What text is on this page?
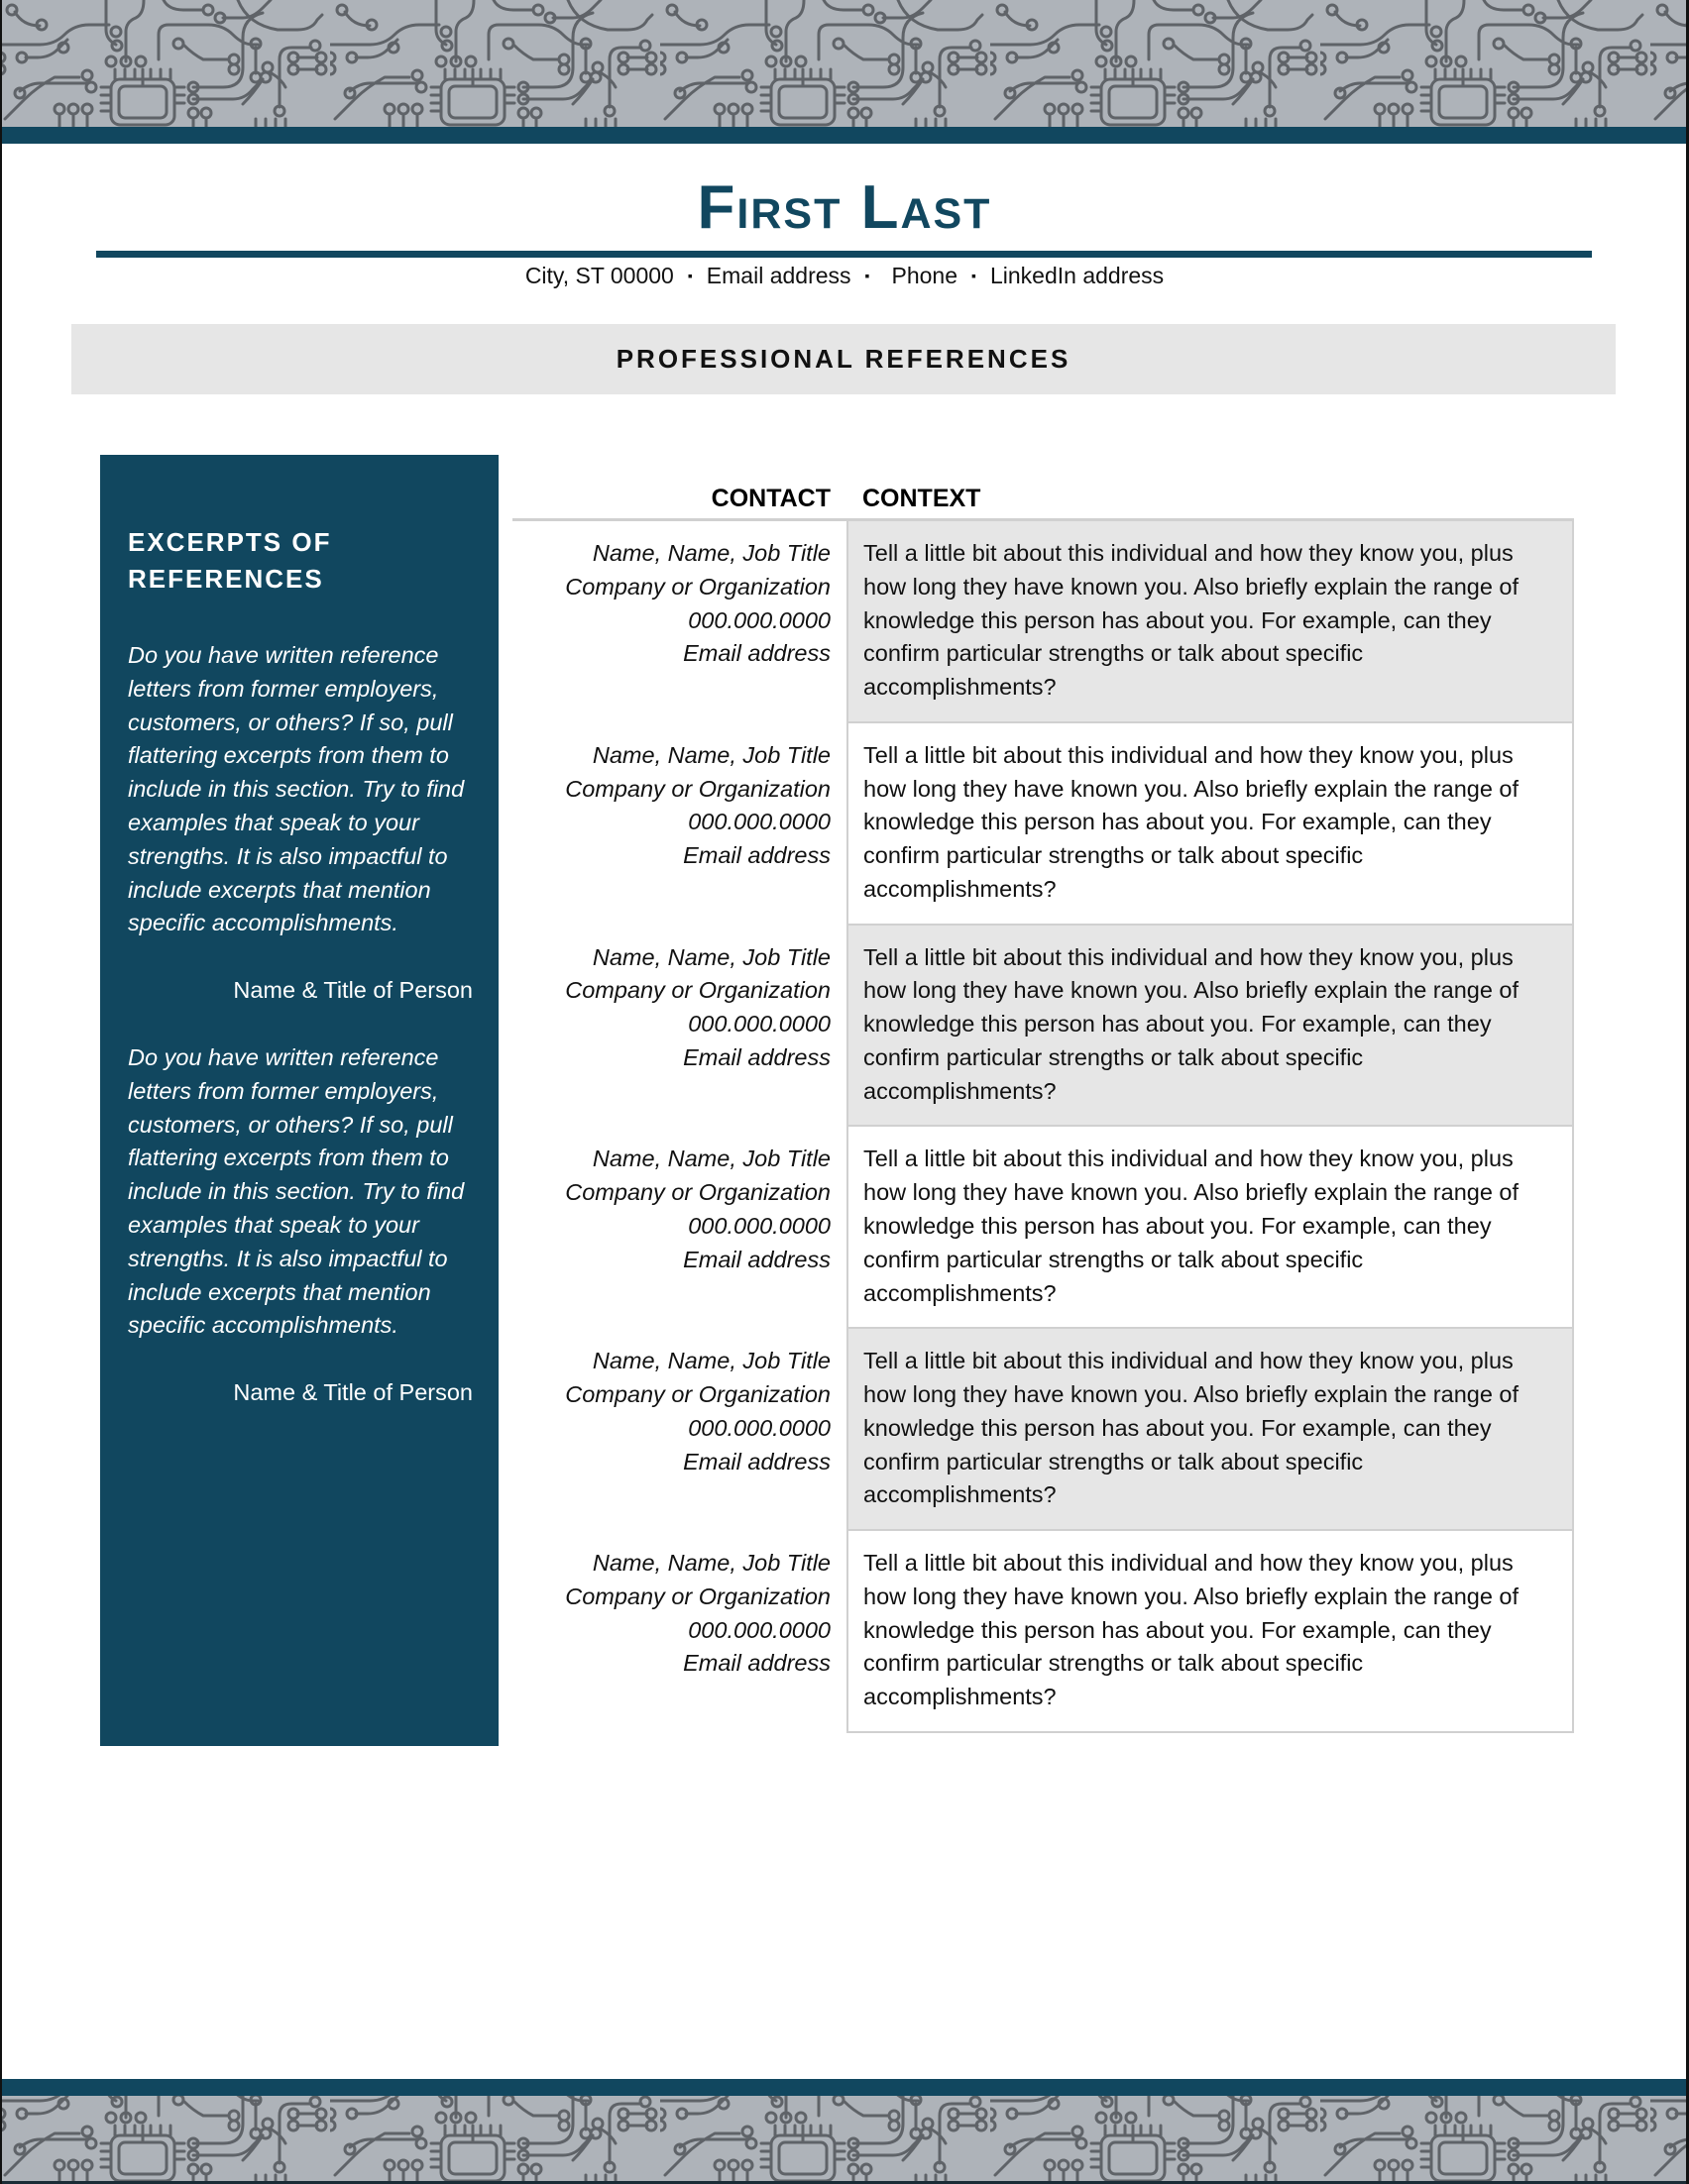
First Last
City, ST 00000 ▪ Email address ▪ Phone ▪ LinkedIn address
PROFESSIONAL REFERENCES
EXCERPTS OF
REFERENCES

Do you have written reference letters from former employers, customers, or others? If so, pull flattering excerpts from them to include in this section. Try to find examples that speak to your strengths. It is also impactful to include excerpts that mention specific accomplishments.

Name & Title of Person

Do you have written reference letters from former employers, customers, or others? If so, pull flattering excerpts from them to include in this section. Try to find examples that speak to your strengths. It is also impactful to include excerpts that mention specific accomplishments.

Name & Title of Person

CONTACT	CONTEXT
Name, Name, Job Title
Company or Organization
000.000.0000
Email address
Tell a little bit about this individual and how they know you, plus how long they have known you. Also briefly explain the range of knowledge this person has about you. For example, can they confirm particular strengths or talk about specific accomplishments?
Name, Name, Job Title
Company or Organization
000.000.0000
Email address
Tell a little bit about this individual and how they know you, plus how long they have known you. Also briefly explain the range of knowledge this person has about you. For example, can they confirm particular strengths or talk about specific accomplishments?
Name, Name, Job Title
Company or Organization
000.000.0000
Email address
Tell a little bit about this individual and how they know you, plus how long they have known you. Also briefly explain the range of knowledge this person has about you. For example, can they confirm particular strengths or talk about specific accomplishments?
Name, Name, Job Title
Company or Organization
000.000.0000
Email address
Tell a little bit about this individual and how they know you, plus how long they have known you. Also briefly explain the range of knowledge this person has about you. For example, can they confirm particular strengths or talk about specific accomplishments?
Name, Name, Job Title
Company or Organization
000.000.0000
Email address
Tell a little bit about this individual and how they know you, plus how long they have known you. Also briefly explain the range of knowledge this person has about you. For example, can they confirm particular strengths or talk about specific accomplishments?
Name, Name, Job Title
Company or Organization
000.000.0000
Email address
Tell a little bit about this individual and how they know you, plus how long they have known you. Also briefly explain the range of knowledge this person has about you. For example, can they confirm particular strengths or talk about specific accomplishments?
